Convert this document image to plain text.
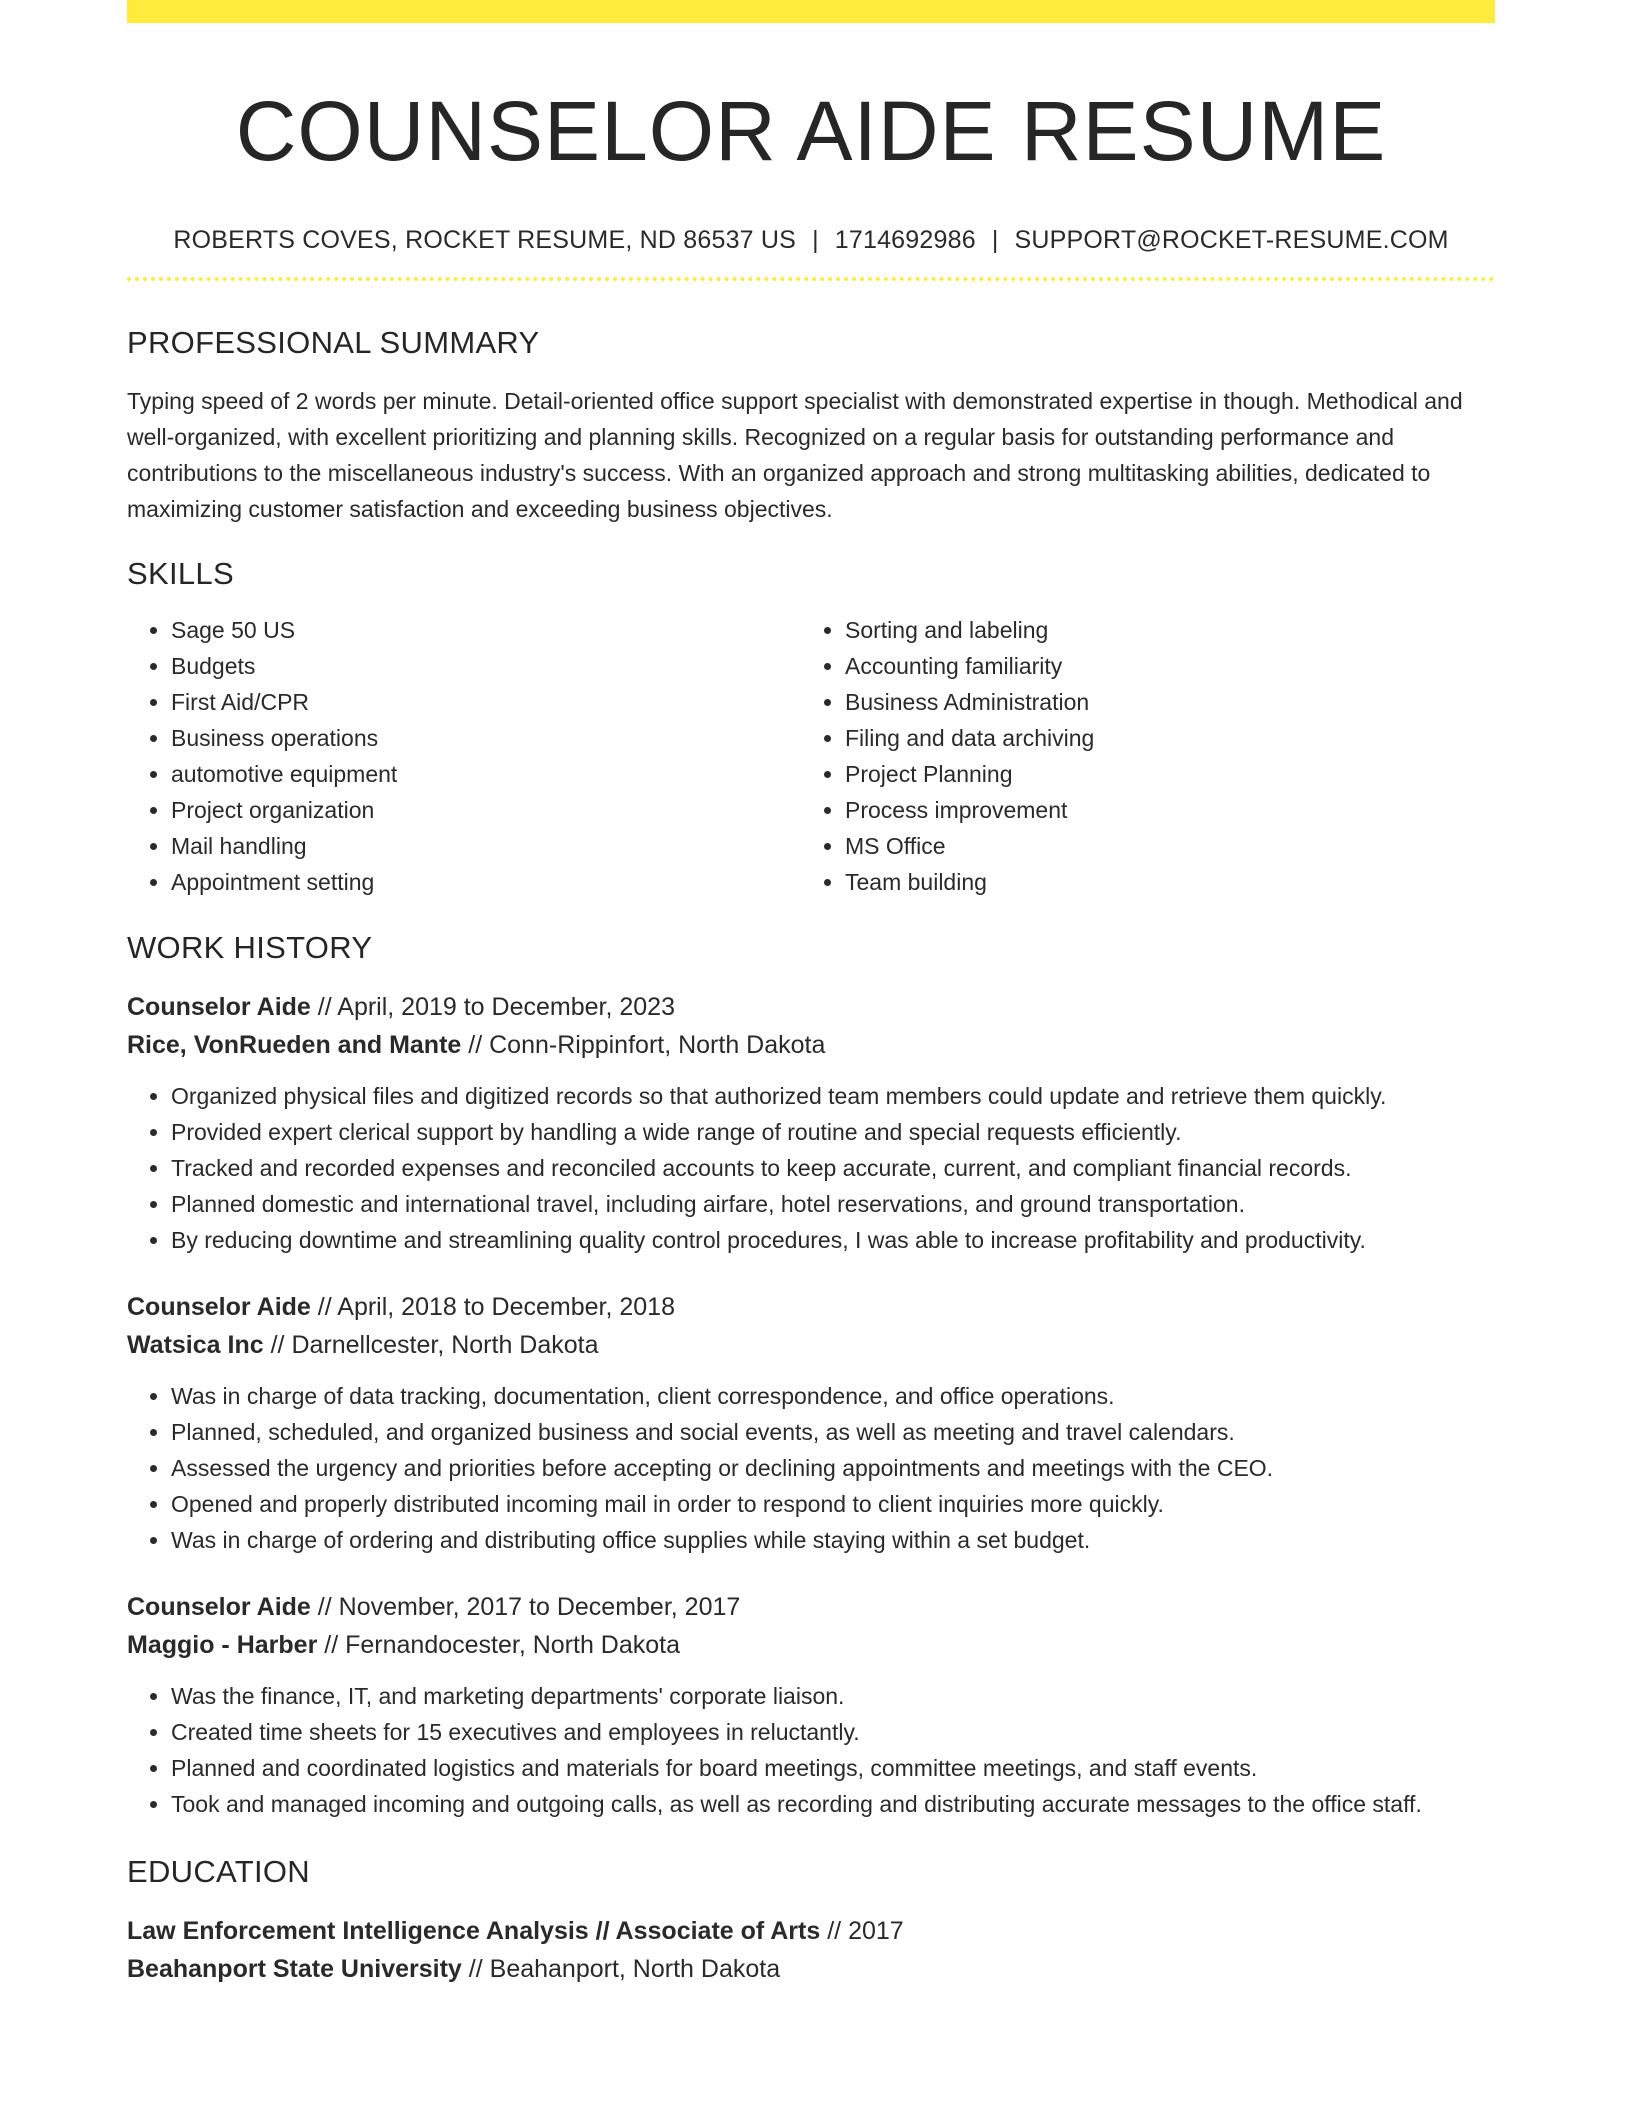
COUNSELOR AIDE RESUME
ROBERTS COVES, ROCKET RESUME, ND 86537 US | 1714692986 | SUPPORT@ROCKET-RESUME.COM
PROFESSIONAL SUMMARY
Typing speed of 2 words per minute. Detail-oriented office support specialist with demonstrated expertise in though. Methodical and well-organized, with excellent prioritizing and planning skills. Recognized on a regular basis for outstanding performance and contributions to the miscellaneous industry's success. With an organized approach and strong multitasking abilities, dedicated to maximizing customer satisfaction and exceeding business objectives.
SKILLS
• Sage 50 US
• Budgets
• First Aid/CPR
• Business operations
• automotive equipment
• Project organization
• Mail handling
• Appointment setting
• Sorting and labeling
• Accounting familiarity
• Business Administration
• Filing and data archiving
• Project Planning
• Process improvement
• MS Office
• Team building
WORK HISTORY
Counselor Aide // April, 2019 to December, 2023
Rice, VonRueden and Mante // Conn-Rippinfort, North Dakota
• Organized physical files and digitized records so that authorized team members could update and retrieve them quickly.
• Provided expert clerical support by handling a wide range of routine and special requests efficiently.
• Tracked and recorded expenses and reconciled accounts to keep accurate, current, and compliant financial records.
• Planned domestic and international travel, including airfare, hotel reservations, and ground transportation.
• By reducing downtime and streamlining quality control procedures, I was able to increase profitability and productivity.
Counselor Aide // April, 2018 to December, 2018
Watsica Inc // Darnellcester, North Dakota
• Was in charge of data tracking, documentation, client correspondence, and office operations.
• Planned, scheduled, and organized business and social events, as well as meeting and travel calendars.
• Assessed the urgency and priorities before accepting or declining appointments and meetings with the CEO.
• Opened and properly distributed incoming mail in order to respond to client inquiries more quickly.
• Was in charge of ordering and distributing office supplies while staying within a set budget.
Counselor Aide // November, 2017 to December, 2017
Maggio - Harber // Fernandocester, North Dakota
• Was the finance, IT, and marketing departments' corporate liaison.
• Created time sheets for 15 executives and employees in reluctantly.
• Planned and coordinated logistics and materials for board meetings, committee meetings, and staff events.
• Took and managed incoming and outgoing calls, as well as recording and distributing accurate messages to the office staff.
EDUCATION
Law Enforcement Intelligence Analysis // Associate of Arts // 2017
Beahanport State University // Beahanport, North Dakota
